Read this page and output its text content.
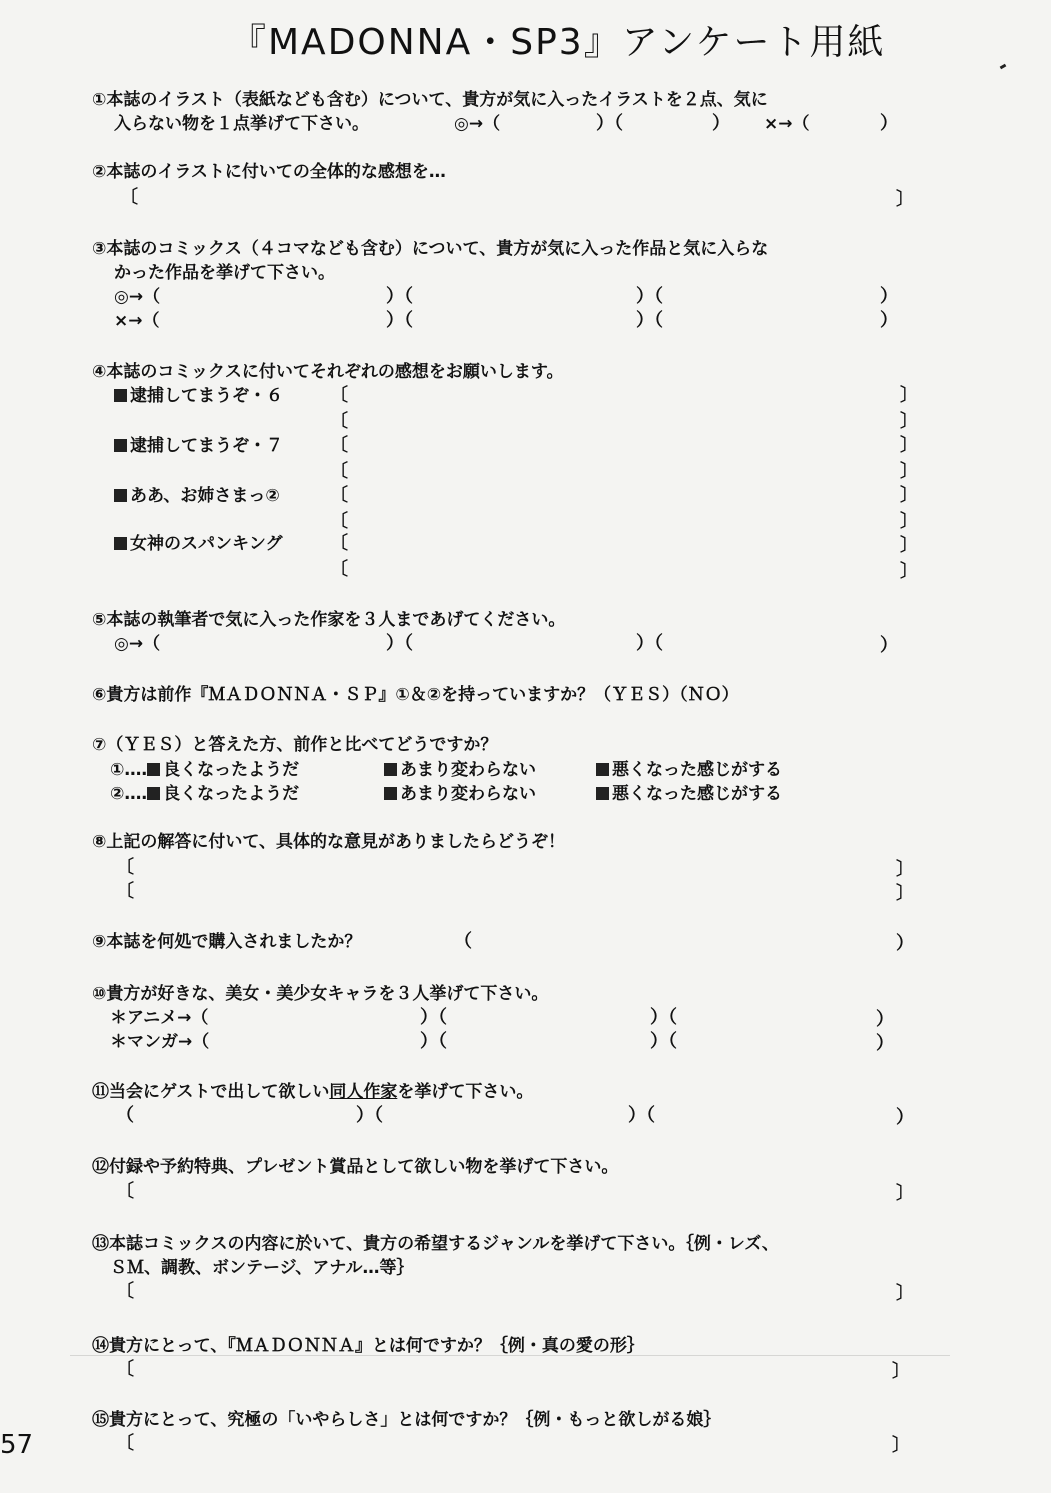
『MADONNA・SP3』アンケート用紙
①本誌のイラスト（表紙なども含む）について、貴方が気に入ったイラストを２点、気に
入らない物を１点挙げて下さい。	◎→（	）（	） ×→（	）
②本誌のイラストに付いての全体的な感想を…
〔	〕
③本誌のコミックス（４コマなども含む）について、貴方が気に入った作品と気に入らな
かった作品を挙げて下さい。
◎→（	）（	）（	）
×→（	）（	）（	）
④本誌のコミックスに付いてそれぞれの感想をお願いします。
逮捕してまうぞ・６	〔	〕
〔	〕
逮捕してまうぞ・７	〔	〕
〔	〕
ああ、お姉さまっ②	〔	〕
〔	〕
女神のスパンキング	〔	〕
〔	〕
⑤本誌の執筆者で気に入った作家を３人まであげてください。
◎→（	）（	）（	）
⑥貴方は前作『ＭＡＤＯＮＮＡ・ＳＰ』①＆②を持っていますか？（ＹＥＳ）（ＮＯ）
⑦（ＹＥＳ）と答えた方、前作と比べてどうですか？
①‥‥ 良くなったようだ	あまり変わらない	悪くなった感じがする
②‥‥ 良くなったようだ	あまり変わらない	悪くなった感じがする
⑧上記の解答に付いて、具体的な意見がありましたらどうぞ！
〔	〕
〔	〕
⑨本誌を何処で購入されましたか？	（	）
⑩貴方が好きな、美女・美少女キャラを３人挙げて下さい。
＊アニメ→（	）（	）（	）
＊マンガ→（	）（	）（	）
⑪当会にゲストで出して欲しい同人作家を挙げて下さい。
（	）（	）（	）
⑫付録や予約特典、プレゼント賞品として欲しい物を挙げて下さい。
〔	〕
⑬本誌コミックスの内容に於いて、貴方の希望するジャンルを挙げて下さい。｛例・レズ、
ＳＭ、調教、ボンテージ、アナル…等｝
〔	〕
⑭貴方にとって、『ＭＡＤＯＮＮＡ』とは何ですか？｛例・真の愛の形｝
〔	〕
⑮貴方にとって、究極の「いやらしさ」とは何ですか？｛例・もっと欲しがる娘｝
〔	〕
57
